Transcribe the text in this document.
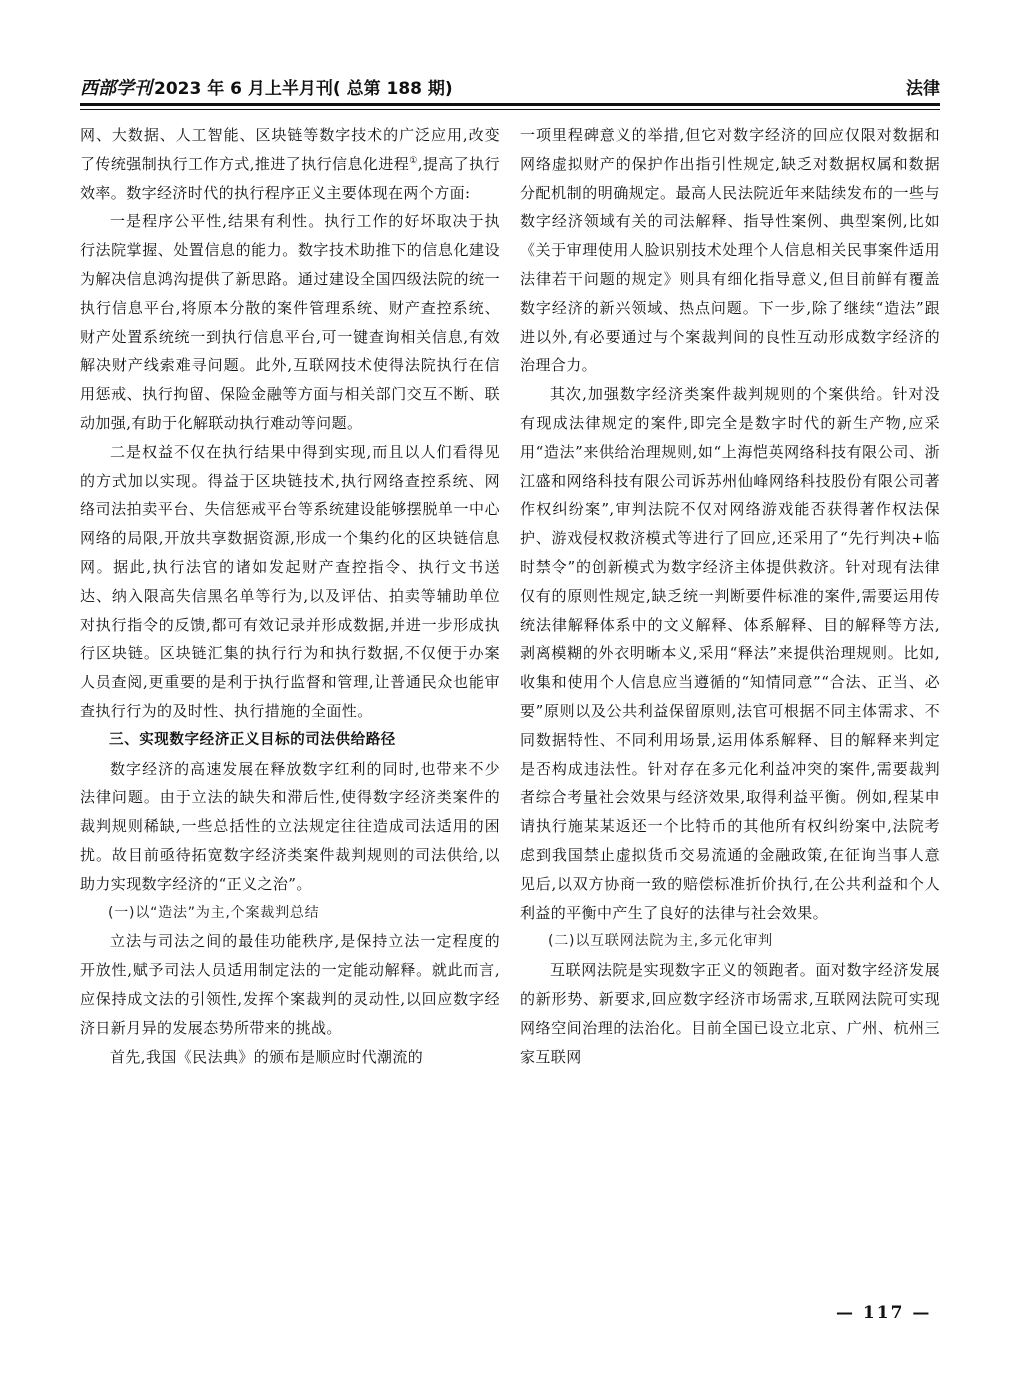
西部学刊 2023 年 6 月上半月刊( 总第 188 期)	法律

网、大数据、人工智能、区块链等数字技术的广泛应用,改变了传统强制执行工作方式,推进了执行信息化进程①,提高了执行效率。数字经济时代的执行程序正义主要体现在两个方面:

一是程序公平性,结果有利性。执行工作的好坏取决于执行法院掌握、处置信息的能力。数字技术助推下的信息化建设为解决信息鸿沟提供了新思路。通过建设全国四级法院的统一执行信息平台,将原本分散的案件管理系统、财产查控系统、财产处置系统统一到执行信息平台,可一键查询相关信息,有效解决财产线索难寻问题。此外,互联网技术使得法院执行在信用惩戒、执行拘留、保险金融等方面与相关部门交互不断、联动加强,有助于化解联动执行难动等问题。

二是权益不仅在执行结果中得到实现,而且以人们看得见的方式加以实现。得益于区块链技术,执行网络查控系统、网络司法拍卖平台、失信惩戒平台等系统建设能够摆脱单一中心网络的局限,开放共享数据资源,形成一个集约化的区块链信息网。据此,执行法官的诸如发起财产查控指令、执行文书送达、纳入限高失信黑名单等行为,以及评估、拍卖等辅助单位对执行指令的反馈,都可有效记录并形成数据,并进一步形成执行区块链。区块链汇集的执行行为和执行数据,不仅便于办案人员查阅,更重要的是利于执行监督和管理,让普通民众也能审查执行行为的及时性、执行措施的全面性。

三、实现数字经济正义目标的司法供给路径

数字经济的高速发展在释放数字红利的同时,也带来不少法律问题。由于立法的缺失和滞后性,使得数字经济类案件的裁判规则稀缺,一些总括性的立法规定往往造成司法适用的困扰。故目前亟待拓宽数字经济类案件裁判规则的司法供给,以助力实现数字经济的“正义之治”。

(一)以“造法”为主,个案裁判总结

立法与司法之间的最佳功能秩序,是保持立法一定程度的开放性,赋予司法人员适用制定法的一定能动解释。就此而言,应保持成文法的引领性,发挥个案裁判的灵动性,以回应数字经济日新月异的发展态势所带来的挑战。

首先,我国《民法典》的颁布是顺应时代潮流的

一项里程碑意义的举措,但它对数字经济的回应仅限对数据和网络虚拟财产的保护作出指引性规定,缺乏对数据权属和数据分配机制的明确规定。最高人民法院近年来陆续发布的一些与数字经济领域有关的司法解释、指导性案例、典型案例,比如《关于审理使用人脸识别技术处理个人信息相关民事案件适用法律若干问题的规定》则具有细化指导意义,但目前鲜有覆盖数字经济的新兴领域、热点问题。下一步,除了继续“造法”跟进以外,有必要通过与个案裁判间的良性互动形成数字经济的治理合力。

其次,加强数字经济类案件裁判规则的个案供给。针对没有现成法律规定的案件,即完全是数字时代的新生产物,应采用“造法”来供给治理规则,如“上海恺英网络科技有限公司、浙江盛和网络科技有限公司诉苏州仙峰网络科技股份有限公司著作权纠纷案”,审判法院不仅对网络游戏能否获得著作权法保护、游戏侵权救济模式等进行了回应,还采用了“先行判决+临时禁令”的创新模式为数字经济主体提供救济。针对现有法律仅有的原则性规定,缺乏统一判断要件标准的案件,需要运用传统法律解释体系中的文义解释、体系解释、目的解释等方法,剥离模糊的外衣明晰本义,采用“释法”来提供治理规则。比如,收集和使用个人信息应当遵循的“知情同意”“合法、正当、必要”原则以及公共利益保留原则,法官可根据不同主体需求、不同数据特性、不同利用场景,运用体系解释、目的解释来判定是否构成违法性。针对存在多元化利益冲突的案件,需要裁判者综合考量社会效果与经济效果,取得利益平衡。例如,程某申请执行施某某返还一个比特币的其他所有权纠纷案中,法院考虑到我国禁止虚拟货币交易流通的金融政策,在征询当事人意见后,以双方协商一致的赔偿标准折价执行,在公共利益和个人利益的平衡中产生了良好的法律与社会效果。

(二)以互联网法院为主,多元化审判

互联网法院是实现数字正义的领跑者。面对数字经济发展的新形势、新要求,回应数字经济市场需求,互联网法院可实现网络空间治理的法治化。目前全国已设立北京、广州、杭州三家互联网

— 117 —
